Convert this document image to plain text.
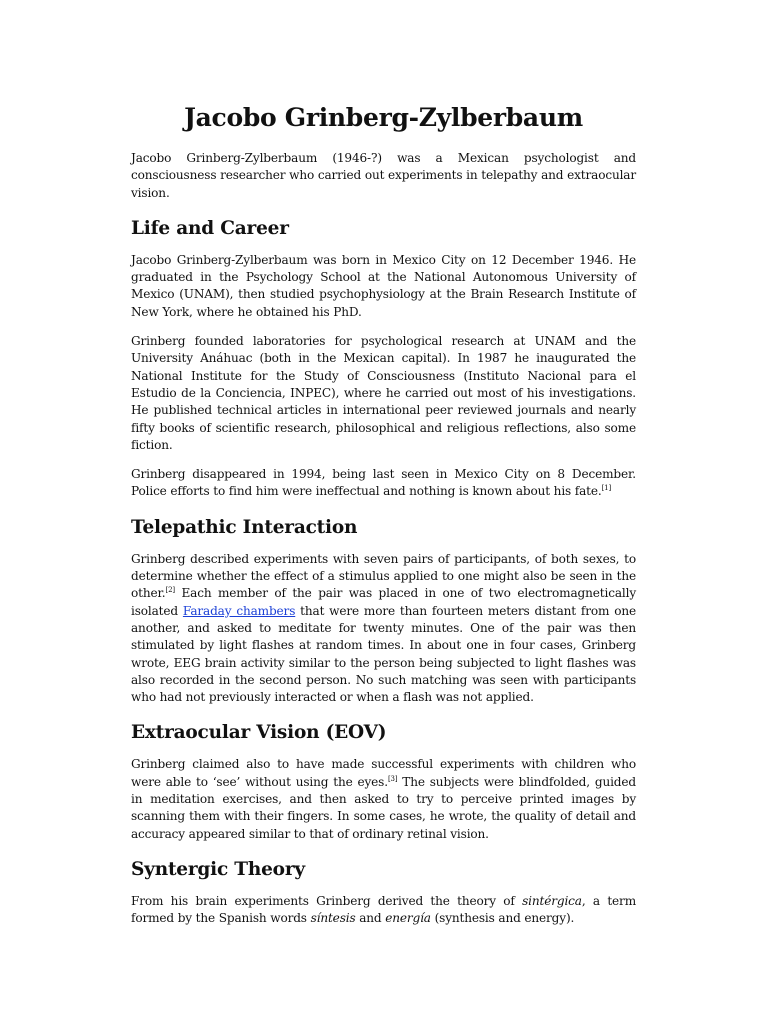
Jacobo Grinberg-Zylberbaum

Jacobo Grinberg-Zylberbaum (1946-?) was a Mexican psychologist and consciousness researcher who carried out experiments in telepathy and extraocular vision.

Life and Career

Jacobo Grinberg-Zylberbaum was born in Mexico City on 12 December 1946. He graduated in the Psychology School at the National Autonomous University of Mexico (UNAM), then studied psychophysiology at the Brain Research Institute of New York, where he obtained his PhD.

Grinberg founded laboratories for psychological research at UNAM and the University Anáhuac (both in the Mexican capital). In 1987 he inaugurated the National Institute for the Study of Consciousness (Instituto Nacional para el Estudio de la Conciencia, INPEC), where he carried out most of his investigations. He published technical articles in international peer reviewed journals and nearly fifty books of scientific research, philosophical and religious reflections, also some fiction.

Grinberg disappeared in 1994, being last seen in Mexico City on 8 December. Police efforts to find him were ineffectual and nothing is known about his fate.[1]

Telepathic Interaction

Grinberg described experiments with seven pairs of participants, of both sexes, to determine whether the effect of a stimulus applied to one might also be seen in the other.[2] Each member of the pair was placed in one of two electromagnetically isolated Faraday chambers that were more than fourteen meters distant from one another, and asked to meditate for twenty minutes. One of the pair was then stimulated by light flashes at random times. In about one in four cases, Grinberg wrote, EEG brain activity similar to the person being subjected to light flashes was also recorded in the second person. No such matching was seen with participants who had not previously interacted or when a flash was not applied.

Extraocular Vision (EOV)

Grinberg claimed also to have made successful experiments with children who were able to ‘see’ without using the eyes.[3] The subjects were blindfolded, guided in meditation exercises, and then asked to try to perceive printed images by scanning them with their fingers. In some cases, he wrote, the quality of detail and accuracy appeared similar to that of ordinary retinal vision.

Syntergic Theory

From his brain experiments Grinberg derived the theory of sintérgica, a term formed by the Spanish words síntesis and energía (synthesis and energy).
